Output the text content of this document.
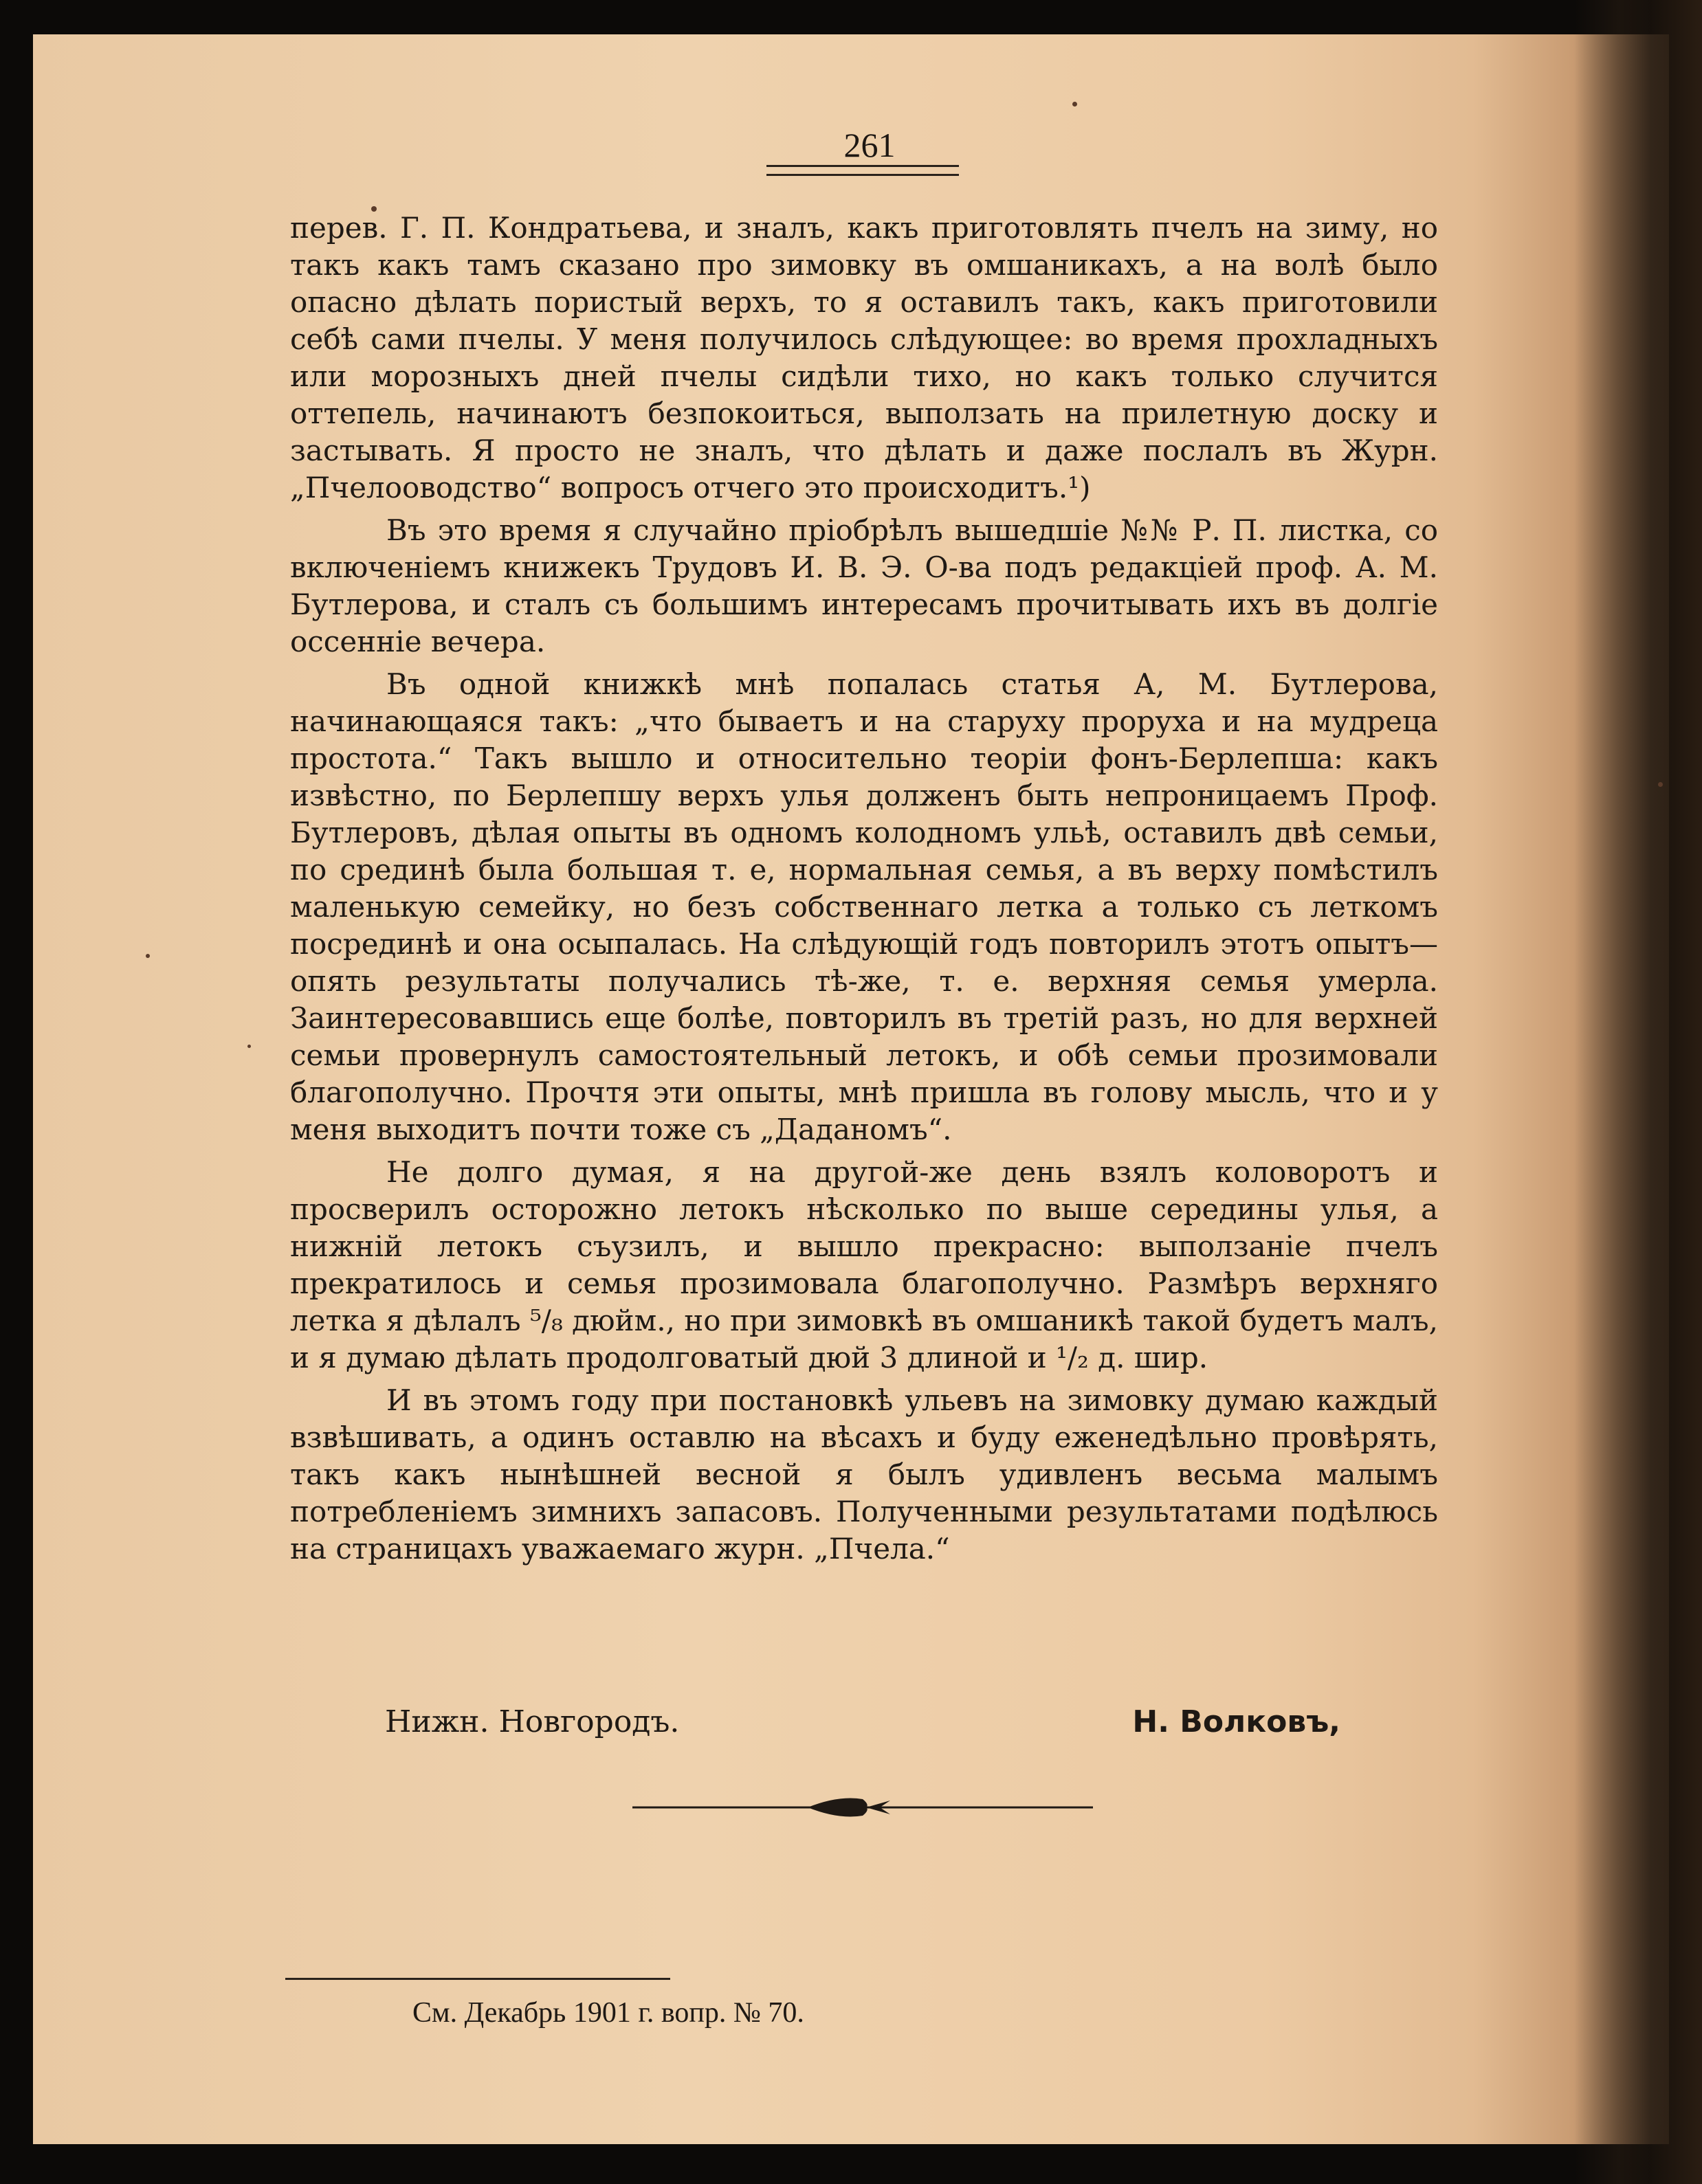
261

перев. Г. П. Кондратьева, и зналъ, какъ приготовлять пчелъ на зиму, но такъ какъ тамъ сказано про зимовку въ омшаникахъ, а на волѣ было опасно дѣлать пористый верхъ, то я оставилъ такъ, какъ приготовили себѣ сами пчелы. У меня получилось слѣдующее: во время прохладныхъ или морозныхъ дней пчелы сидѣли тихо, но какъ только случится оттепель, начинаютъ безпокоиться, выползать на прилетную доску и застывать. Я просто не зналъ, что дѣлать и даже послалъ въ Журн. „Пчелоoводство“ вопросъ отчего это происходитъ.¹)

Въ это время я случайно пріобрѣлъ вышедшіе №№ Р. П. листка, со включеніемъ книжекъ Трудовъ И. В. Э. О-ва подъ редакціей проф. А. М. Бутлерова, и сталъ съ большимъ интересамъ прочитывать ихъ въ долгіе оссенніе вечера.

Въ одной книжкѣ мнѣ попалась статья А, М. Бутлерова, начинающаяся такъ: „что бываетъ и на старуху проруха и на мудреца простота.“ Такъ вышло и относительно теоріи фонъ-Берлепша: какъ извѣстно, по Берлепшу верхъ улья долженъ быть непроницаемъ Проф. Бутлеровъ, дѣлая опыты въ одномъ колодномъ ульѣ, оставилъ двѣ семьи, по срединѣ была большая т. е, нормальная семья, а въ верху помѣстилъ маленькую семейку, но безъ собственнаго летка а только съ леткомъ посрединѣ и она осыпалась. На слѣдующій годъ повторилъ этотъ опытъ—опять результаты получались тѣ-же, т. е. верхняя семья умерла. Заинтересовавшись еще болѣе, повторилъ въ третій разъ, но для верхней семьи провернулъ самостоятельный летокъ, и обѣ семьи прозимовали благополучно. Прочтя эти опыты, мнѣ пришла въ голову мысль, что и у меня выходитъ почти тоже съ „Даданомъ“.

Не долго думая, я на другой-же день взялъ коловоротъ и просверилъ осторожно летокъ нѣсколько по выше середины улья, а нижній летокъ съузилъ, и вышло прекрасно: выползаніе пчелъ прекратилось и семья прозимовала благополучно. Размѣръ верхняго летка я дѣлалъ ⁵/₈ дюйм., но при зимовкѣ въ омшаникѣ такой будетъ малъ, и я думаю дѣлать продолговатый дюй 3 длиной и ¹/₂ д. шир.

И въ этомъ году при постановкѣ ульевъ на зимовку думаю каждый взвѣшивать, а одинъ оставлю на вѣсахъ и буду еженедѣльно провѣрять, такъ какъ нынѣшней весной я былъ удивленъ весьма малымъ потребленіемъ зимнихъ запасовъ. Полученными результатами подѣлюсь на страницахъ уважаемаго журн. „Пчела.“

Нижн. Новгородъ.	Н. Волковъ,
См. Декабрь 1901 г. вопр. № 70.
